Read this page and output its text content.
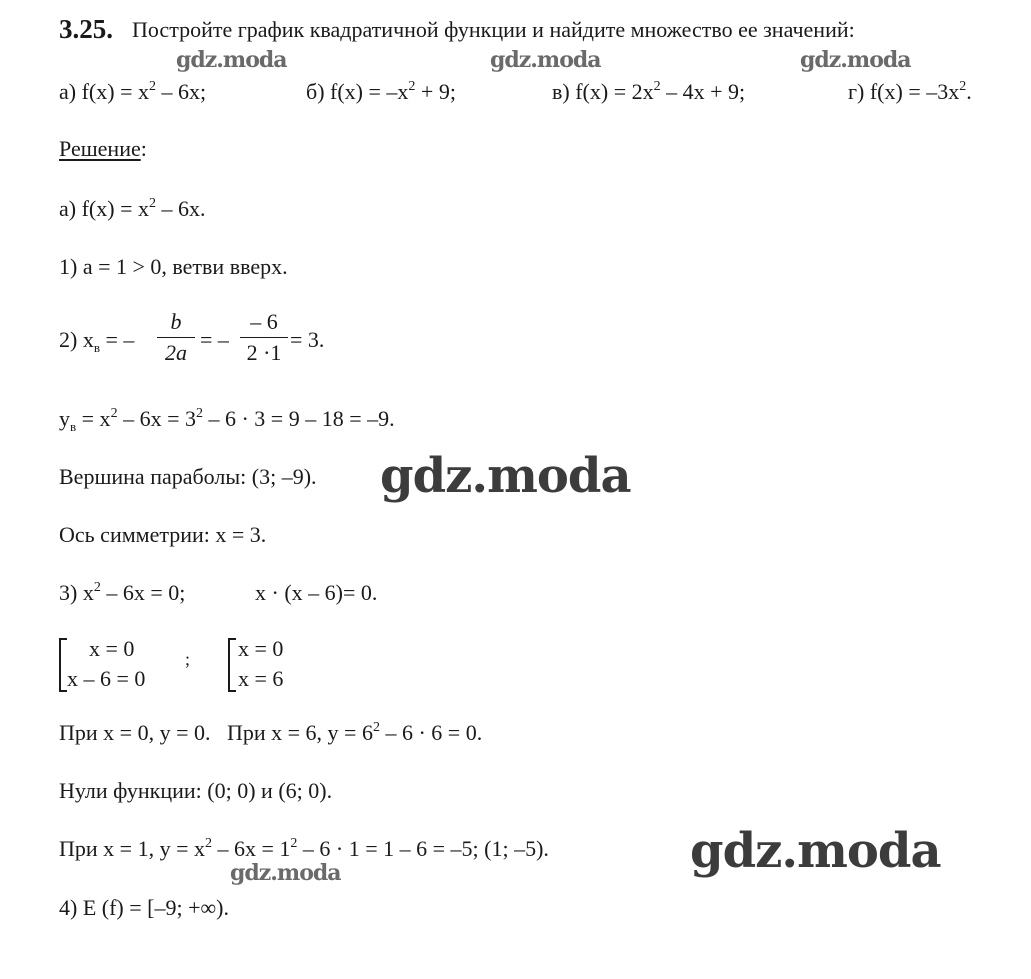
3.25. Постройте график квадратичной функции и найдите множество ее значений:
gdz.moda	gdz.moda	gdz.moda
а) $f(x) = x^2 - 6x$;	б) $f(x) = -x^2 + 9$;	в) $f(x) = 2x^2 - 4x + 9$;	г) $f(x) = -3x^2$.
Решение:
а) $f(x) = x^2 - 6x$.
1) a = 1 > 0, ветви вверх.
2) $x_в$ = –
b
2a
= –
– 6
2 ·1
= 3.
$y_в = x^2 - 6x = 3^2 - 6 \cdot 3 = 9 - 18 = -9$.
Вершина параболы: (3; –9). gdz.moda
Ось симметрии: x = 3.
3) $x^2 - 6x = 0$;	x · (x – 6)= 0.
x = 0
x – 6 = 0
; x = 0
x = 6
При x = 0, y = 0. При x = 6, $y = 6^2 - 6 \cdot 6 = 0$.
Нули функции: (0; 0) и (6; 0).
При x = 1, $y = x^2 - 6x = 1^2 - 6 \cdot 1 = 1 - 6 = -5$; (1; –5).	gdz.moda
gdz.moda
4) E (f) = [–9; +∞).
